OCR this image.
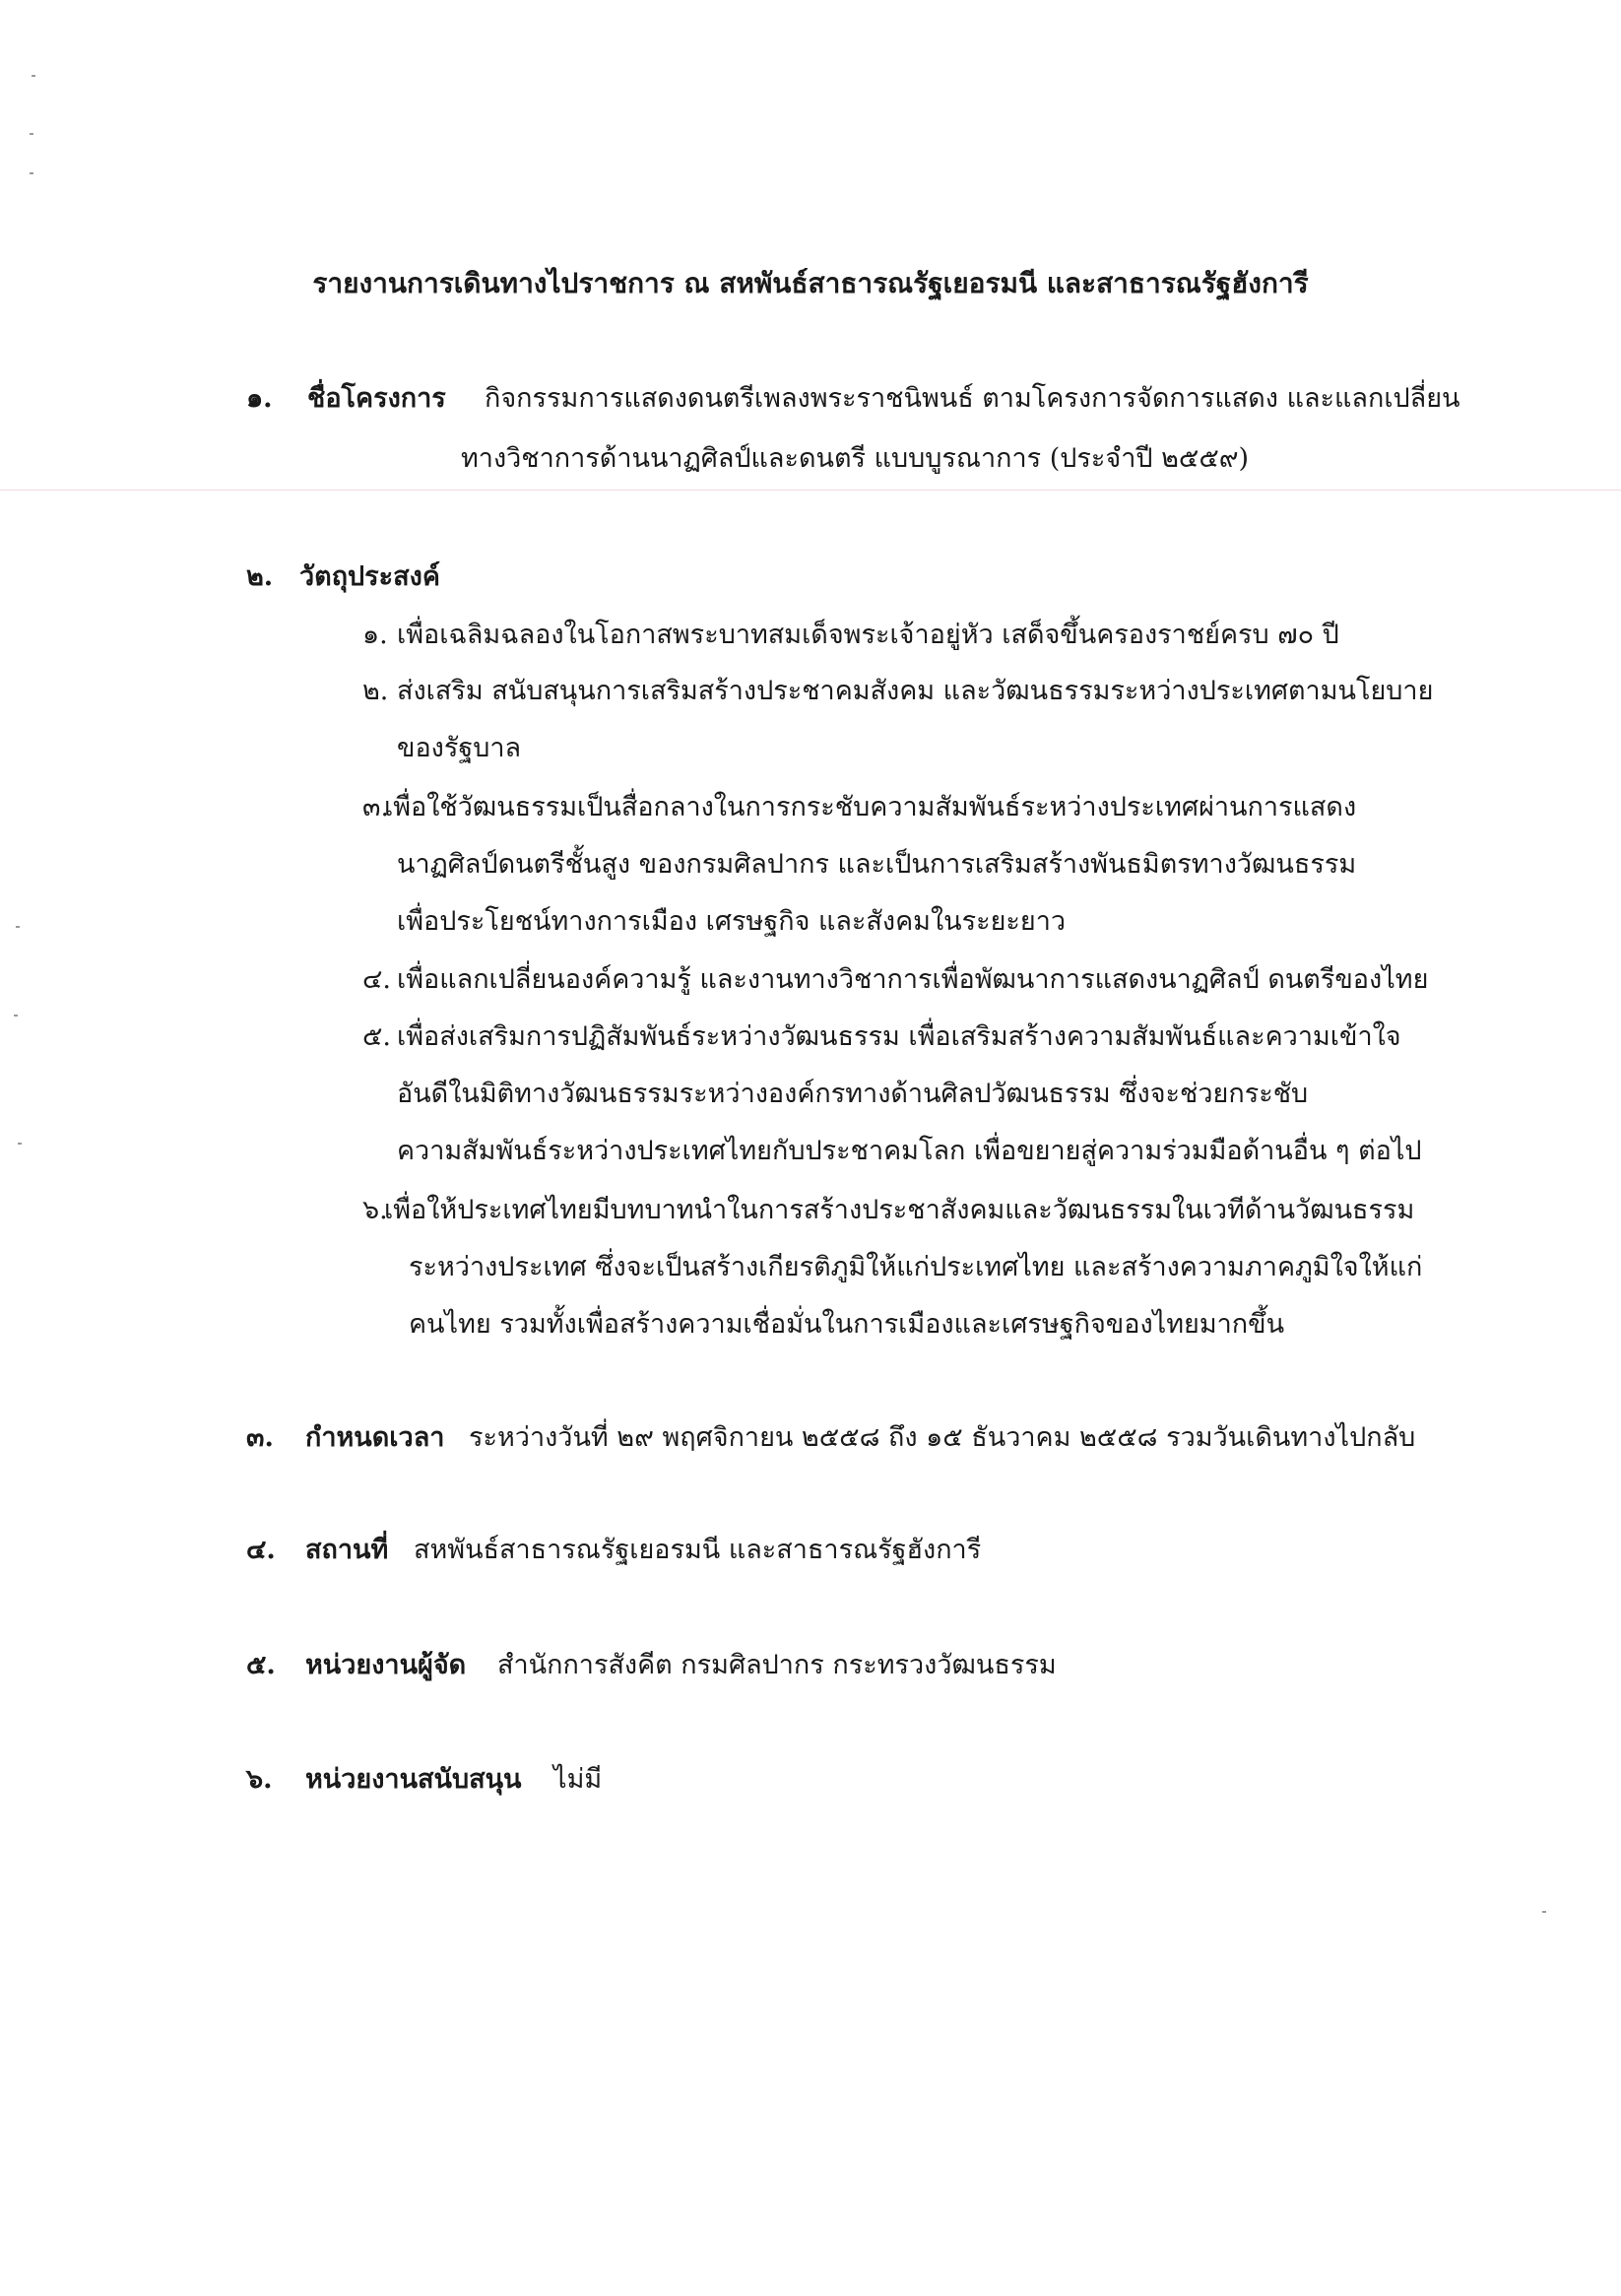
รายงานการเดินทางไปราชการ ณ สหพันธ์สาธารณรัฐเยอรมนี และสาธารณรัฐฮังการี
๑. ชื่อโครงการ กิจกรรมการแสดงดนตรีเพลงพระราชนิพนธ์ ตามโครงการจัดการแสดง และแลกเปลี่ยน
ทางวิชาการด้านนาฏศิลป์และดนตรี แบบบูรณาการ (ประจำปี ๒๕๕๙)
๒. วัตถุประสงค์
๑. เพื่อเฉลิมฉลองในโอกาสพระบาทสมเด็จพระเจ้าอยู่หัว เสด็จขึ้นครองราชย์ครบ ๗๐ ปี
๒. ส่งเสริม สนับสนุนการเสริมสร้างประชาคมสังคม และวัฒนธรรมระหว่างประเทศตามนโยบาย
ของรัฐบาล
๓.
เพื่อใช้วัฒนธรรมเป็นสื่อกลางในการกระชับความสัมพันธ์ระหว่างประเทศผ่านการแสดง
นาฏศิลป์ดนตรีชั้นสูง ของกรมศิลปากร และเป็นการเสริมสร้างพันธมิตรทางวัฒนธรรม
เพื่อประโยชน์ทางการเมือง เศรษฐกิจ และสังคมในระยะยาว
๔. เพื่อแลกเปลี่ยนองค์ความรู้ และงานทางวิชาการเพื่อพัฒนาการแสดงนาฏศิลป์ ดนตรีของไทย
๕. เพื่อส่งเสริมการปฏิสัมพันธ์ระหว่างวัฒนธรรม เพื่อเสริมสร้างความสัมพันธ์และความเข้าใจ
อันดีในมิติทางวัฒนธรรมระหว่างองค์กรทางด้านศิลปวัฒนธรรม ซึ่งจะช่วยกระชับ
ความสัมพันธ์ระหว่างประเทศไทยกับประชาคมโลก เพื่อขยายสู่ความร่วมมือด้านอื่น ๆ ต่อไป
๖.
เพื่อให้ประเทศไทยมีบทบาทนำในการสร้างประชาสังคมและวัฒนธรรมในเวทีด้านวัฒนธรรม
ระหว่างประเทศ ซึ่งจะเป็นสร้างเกียรติภูมิให้แก่ประเทศไทย และสร้างความภาคภูมิใจให้แก่
คนไทย รวมทั้งเพื่อสร้างความเชื่อมั่นในการเมืองและเศรษฐกิจของไทยมากขึ้น
๓. กำหนดเวลา ระหว่างวันที่ ๒๙ พฤศจิกายน ๒๕๕๘ ถึง ๑๕ ธันวาคม ๒๕๕๘ รวมวันเดินทางไปกลับ
๔. สถานที่ สหพันธ์สาธารณรัฐเยอรมนี และสาธารณรัฐฮังการี
๕. หน่วยงานผู้จัด สำนักการสังคีต กรมศิลปากร กระทรวงวัฒนธรรม
๖. หน่วยงานสนับสนุน ไม่มี
